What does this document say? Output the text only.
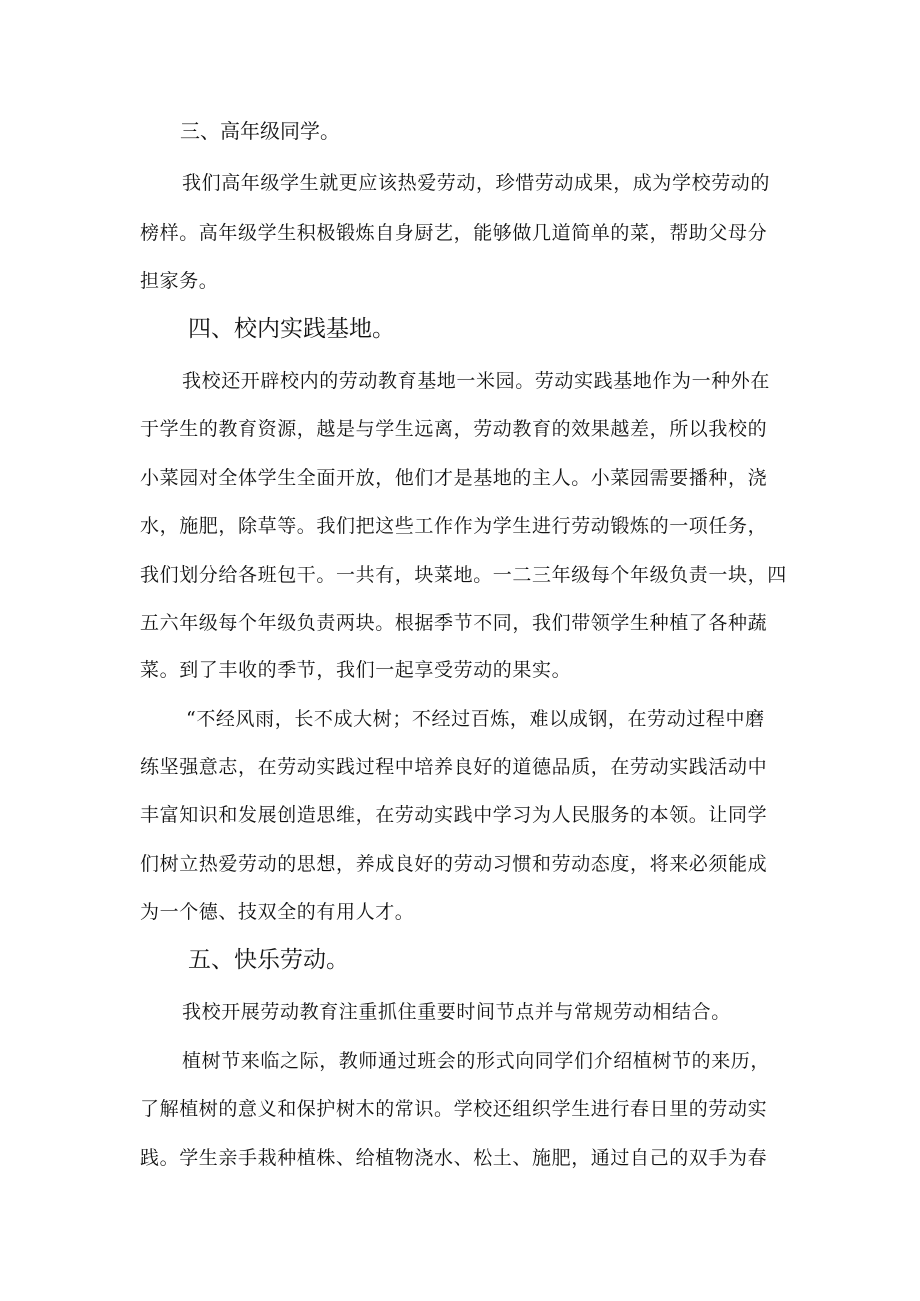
三、高年级同学。
我们高年级学生就更应该热爱劳动，珍惜劳动成果，成为学校劳动的
榜样。高年级学生积极锻炼自身厨艺，能够做几道简单的菜，帮助父母分
担家务。
四、校内实践基地。
我校还开辟校内的劳动教育基地一米园。劳动实践基地作为一种外在
于学生的教育资源，越是与学生远离，劳动教育的效果越差，所以我校的
小菜园对全体学生全面开放，他们才是基地的主人。小菜园需要播种，浇
水，施肥，除草等。我们把这些工作作为学生进行劳动锻炼的一项任务，
我们划分给各班包干。一共有，块菜地。一二三年级每个年级负责一块，四
五六年级每个年级负责两块。根据季节不同，我们带领学生种植了各种蔬
菜。到了丰收的季节，我们一起享受劳动的果实。
“不经风雨，长不成大树；不经过百炼，难以成钢，在劳动过程中磨
练坚强意志，在劳动实践过程中培养良好的道德品质，在劳动实践活动中
丰富知识和发展创造思维，在劳动实践中学习为人民服务的本领。让同学
们树立热爱劳动的思想，养成良好的劳动习惯和劳动态度，将来必须能成
为一个德、技双全的有用人才。
五、快乐劳动。
我校开展劳动教育注重抓住重要时间节点并与常规劳动相结合。
植树节来临之际，教师通过班会的形式向同学们介绍植树节的来历，
了解植树的意义和保护树木的常识。学校还组织学生进行春日里的劳动实
践。学生亲手栽种植株、给植物浇水、松土、施肥，通过自己的双手为春
